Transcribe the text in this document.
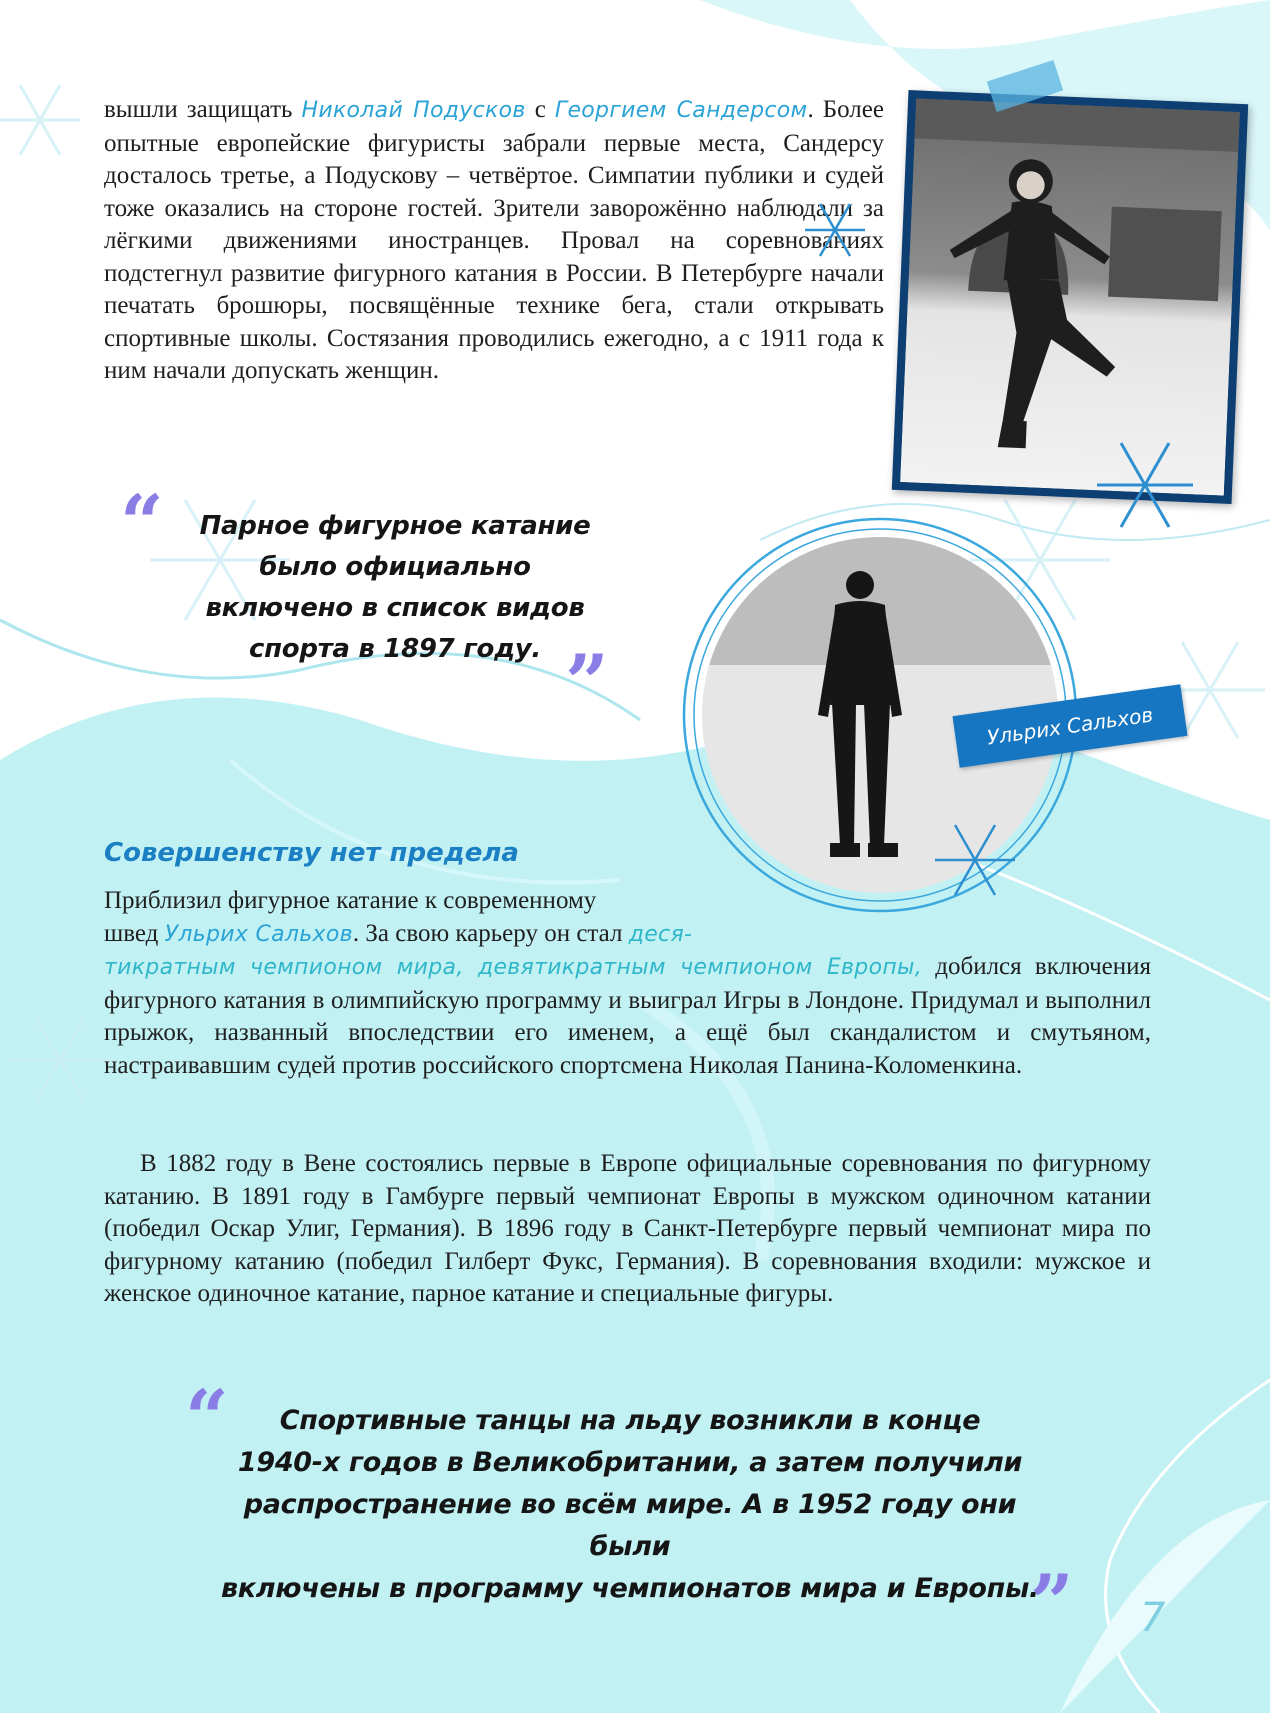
вышли защищать Николай Подусков с Георгием Сандерсом. Более опытные европейские фигуристы забрали первые места, Сандерсу досталось третье, а Подускову – четвёртое. Симпатии публики и судей тоже оказались на стороне гостей. Зрители заворожённо наблюдали за лёгкими движениями иностранцев. Провал на соревнованиях подстегнул развитие фигурного катания в России. В Петербурге начали печатать брошюры, посвящённые технике бега, стали открывать спортивные школы. Состязания проводились ежегодно, а с 1911 года к ним начали допускать женщин.
“	Парное фигурное катание
было официально
включено в список видов
спорта в 1897 году. ”	Ульрих Сальхов
Совершенству нет предела
Приблизил фигурное катание к современному
швед Ульрих Сальхов. За свою карьеру он стал деся-
тикратным чемпионом мира, девятикратным чемпионом Европы, добился включения фигурного катания в олимпийскую программу и выиграл Игры в Лондоне. Придумал и выполнил прыжок, названный впоследствии его именем, а ещё был скандалистом и смутьяном, настраивавшим судей против российского спортсмена Николая Панина-Коломенкина.
В 1882 году в Вене состоялись первые в Европе официальные соревнования по фигурному катанию. В 1891 году в Гамбурге первый чемпионат Европы в мужском одиночном катании (победил Оскар Улиг, Германия). В 1896 году в Санкт-Петербурге первый чемпионат мира по фигурному катанию (победил Гилберт Фукс, Германия). В соревнования входили: мужское и женское одиночное катание, парное катание и специальные фигуры.
“	Спортивные танцы на льду возникли в конце
1940-х годов в Великобритании, а затем получили
распространение во всём мире. А в 1952 году они были
включены в программу чемпионатов мира и Европы.
” 7
